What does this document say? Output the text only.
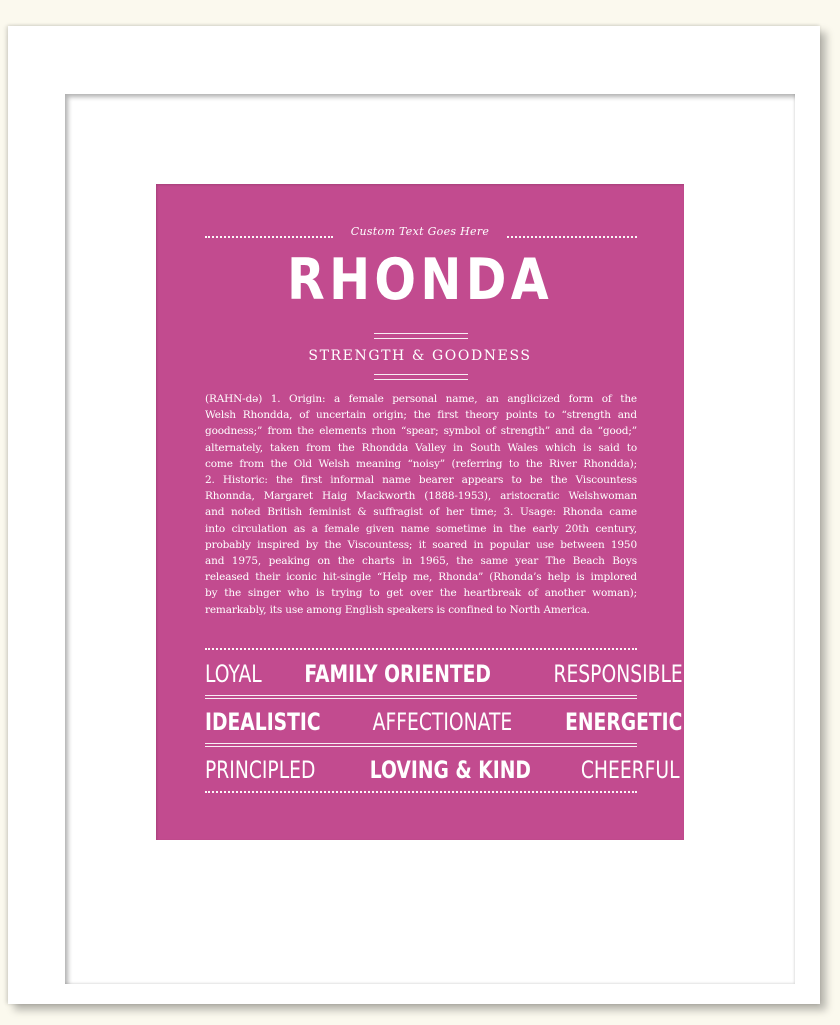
Custom Text Goes Here
RHONDA
STRENGTH & GOODNESS
(RAHN-də) 1. Origin: a female personal name, an anglicized form of the
Welsh Rhondda, of uncertain origin; the first theory points to “strength and
goodness;” from the elements rhon “spear; symbol of strength” and da “good;”
alternately, taken from the Rhondda Valley in South Wales which is said to
come from the Old Welsh meaning “noisy” (referring to the River Rhondda);
2. Historic: the first informal name bearer appears to be the Viscountess
Rhonnda, Margaret Haig Mackworth (1888-1953), aristocratic Welshwoman
and noted British feminist & suffragist of her time; 3. Usage: Rhonda came
into circulation as a female given name sometime in the early 20th century,
probably inspired by the Viscountess; it soared in popular use between 1950
and 1975, peaking on the charts in 1965, the same year The Beach Boys
released their iconic hit-single “Help me, Rhonda” (Rhonda’s help is implored
by the singer who is trying to get over the heartbreak of another woman);
remarkably, its use among English speakers is confined to North America.
LOYAL FAMILY ORIENTED	RESPONSIBLE
IDEALISTIC AFFECTIONATE ENERGETIC
PRINCIPLED LOVING & KIND CHEERFUL
